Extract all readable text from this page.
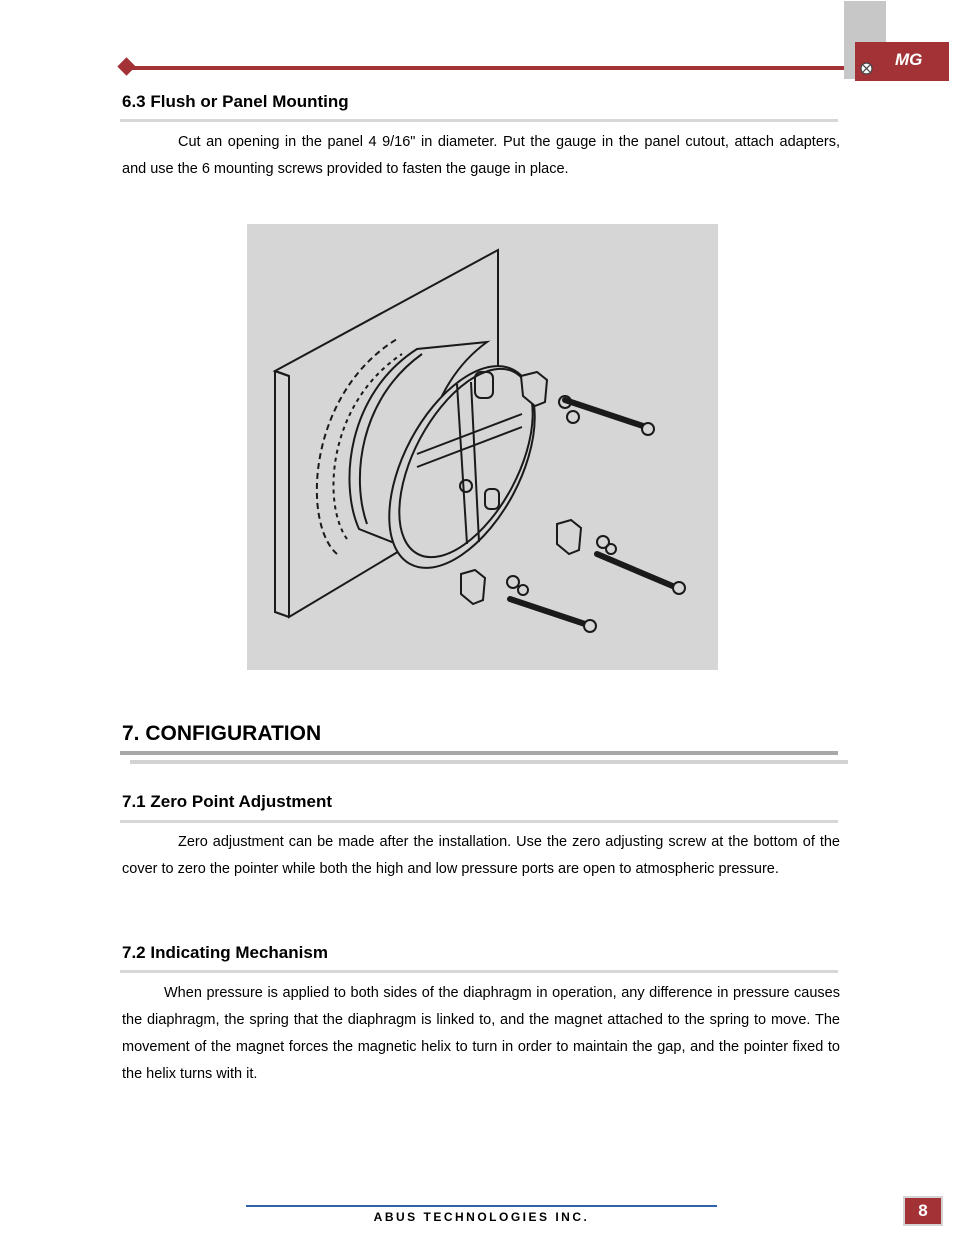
MG
6.3 Flush or Panel Mounting

Cut an opening in the panel 4 9/16" in diameter. Put the gauge in the panel cutout, attach adapters, and use the 6 mounting screws provided to fasten the gauge in place.

7. CONFIGURATION
7.1 Zero Point Adjustment

Zero adjustment can be made after the installation. Use the zero adjusting screw at the bottom of the cover to zero the pointer while both the high and low pressure ports are open to atmospheric pressure.

7.2 Indicating Mechanism

When pressure is applied to both sides of the diaphragm in operation, any difference in pressure causes the diaphragm, the spring that the diaphragm is linked to, and the magnet attached to the spring to move. The movement of the magnet forces the magnetic helix to turn in order to maintain the gap, and the pointer fixed to the helix turns with it.

ABUS TECHNOLOGIES INC.	8
